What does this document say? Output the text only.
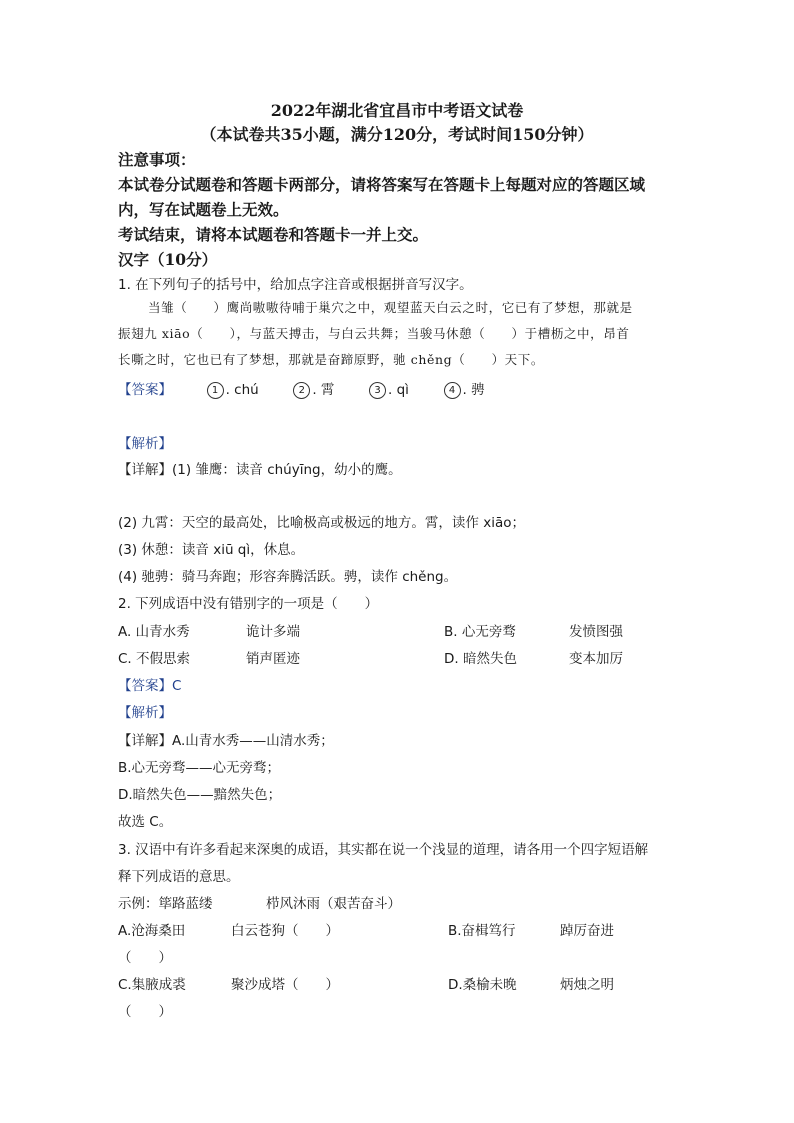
2022年湖北省宜昌市中考语文试卷
（本试卷共35小题，满分120分，考试时间150分钟）
注意事项：
本试卷分试题卷和答题卡两部分，请将答案写在答题卡上每题对应的答题区域
内，写在试题卷上无效。
考试结束，请将本试题卷和答题卡一并上交。
汉字（10分）
1. 在下列句子的括号中，给加点字注音或根据拼音写汉字。
当雏（　　）鹰尚嗷嗷待哺于巢穴之中，观望蓝天白云之时，它已有了梦想，那就是
振翅九 xiāo（　　），与蓝天搏击，与白云共舞；当骏马休憩（　　）于槽枥之中，昂首
长嘶之时，它也已有了梦想，那就是奋蹄原野，驰 chěng（　　）天下。
【答案】	1 . chú	2 . 霄	3 . qì	4 . 骋
【解析】
【详解】(1) 雏鹰：读音 chúyīng，幼小的鹰。
(2) 九霄：天空的最高处，比喻极高或极远的地方。霄，读作 xiāo；
(3) 休憩：读音 xiū qì，休息。
(4) 驰骋：骑马奔跑；形容奔腾活跃。骋，读作 chěng。
2. 下列成语中没有错别字的一项是（　　）
A. 山青水秀	诡计多端	B. 心无旁骛	发愤图强
C. 不假思索	销声匿迹	D. 暗然失色	变本加厉
【答案】C
【解析】
【详解】A.山青水秀——山清水秀；
B.心无旁骛——心无旁骛；
D.暗然失色——黯然失色；
故选 C。
3. 汉语中有许多看起来深奥的成语，其实都在说一个浅显的道理，请各用一个四字短语解
释下列成语的意思。
示例：筚路蓝缕	栉风沐雨（艰苦奋斗）
A.沧海桑田	白云苍狗（　　）	B.奋楫笃行	踔厉奋进
（　　）
C.集腋成裘	聚沙成塔（　　）	D.桑榆未晚	炳烛之明
（　　）
